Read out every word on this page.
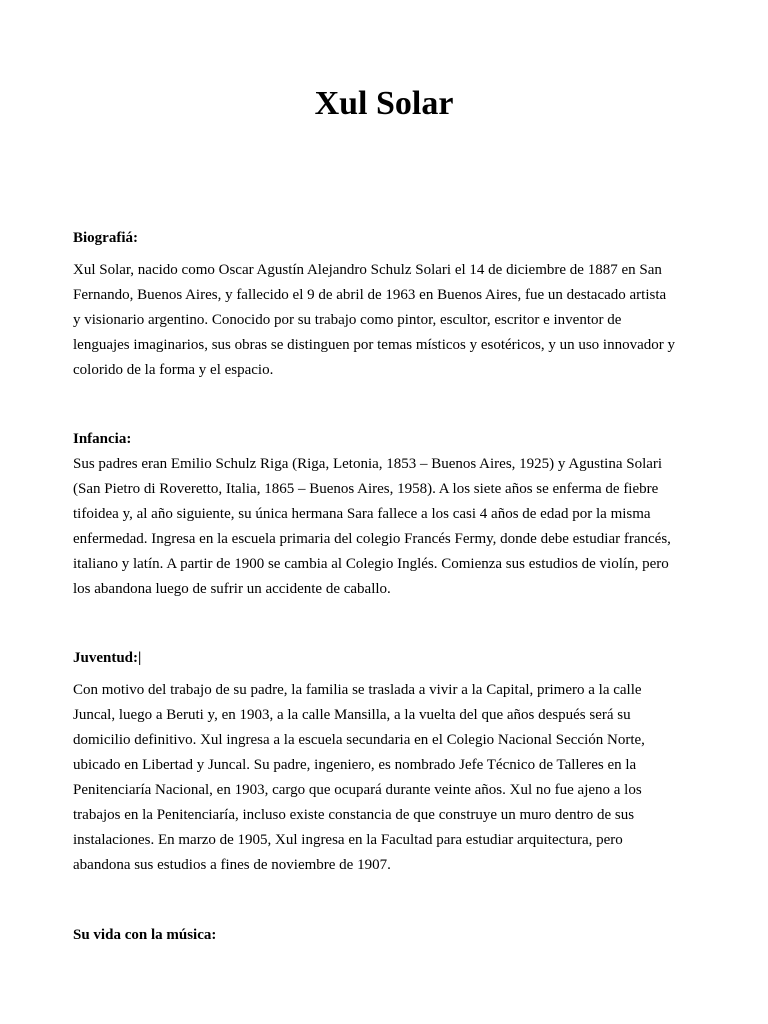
Xul Solar
Biografiá:
Xul Solar, nacido como Oscar Agustín Alejandro Schulz Solari el 14 de diciembre de 1887 en San
Fernando, Buenos Aires, y fallecido el 9 de abril de 1963 en Buenos Aires, fue un destacado artista
y visionario argentino. Conocido por su trabajo como pintor, escultor, escritor e inventor de
lenguajes imaginarios, sus obras se distinguen por temas místicos y esotéricos, y un uso innovador y
colorido de la forma y el espacio.
Infancia:
Sus padres eran Emilio Schulz Riga (Riga, Letonia, 1853 – Buenos Aires, 1925) y Agustina Solari
(San Pietro di Roveretto, Italia, 1865 – Buenos Aires, 1958). A los siete años se enferma de fiebre
tifoidea y, al año siguiente, su única hermana Sara fallece a los casi 4 años de edad por la misma
enfermedad. Ingresa en la escuela primaria del colegio Francés Fermy, donde debe estudiar francés,
italiano y latín. A partir de 1900 se cambia al Colegio Inglés. Comienza sus estudios de violín, pero
los abandona luego de sufrir un accidente de caballo.
Juventud:|
Con motivo del trabajo de su padre, la familia se traslada a vivir a la Capital, primero a la calle
Juncal, luego a Beruti y, en 1903, a la calle Mansilla, a la vuelta del que años después será su
domicilio definitivo. Xul ingresa a la escuela secundaria en el Colegio Nacional Sección Norte,
ubicado en Libertad y Juncal. Su padre, ingeniero, es nombrado Jefe Técnico de Talleres en la
Penitenciaría Nacional, en 1903, cargo que ocupará durante veinte años. Xul no fue ajeno a los
trabajos en la Penitenciaría, incluso existe constancia de que construye un muro dentro de sus
instalaciones. En marzo de 1905, Xul ingresa en la Facultad para estudiar arquitectura, pero
abandona sus estudios a fines de noviembre de 1907.
Su vida con la música:
